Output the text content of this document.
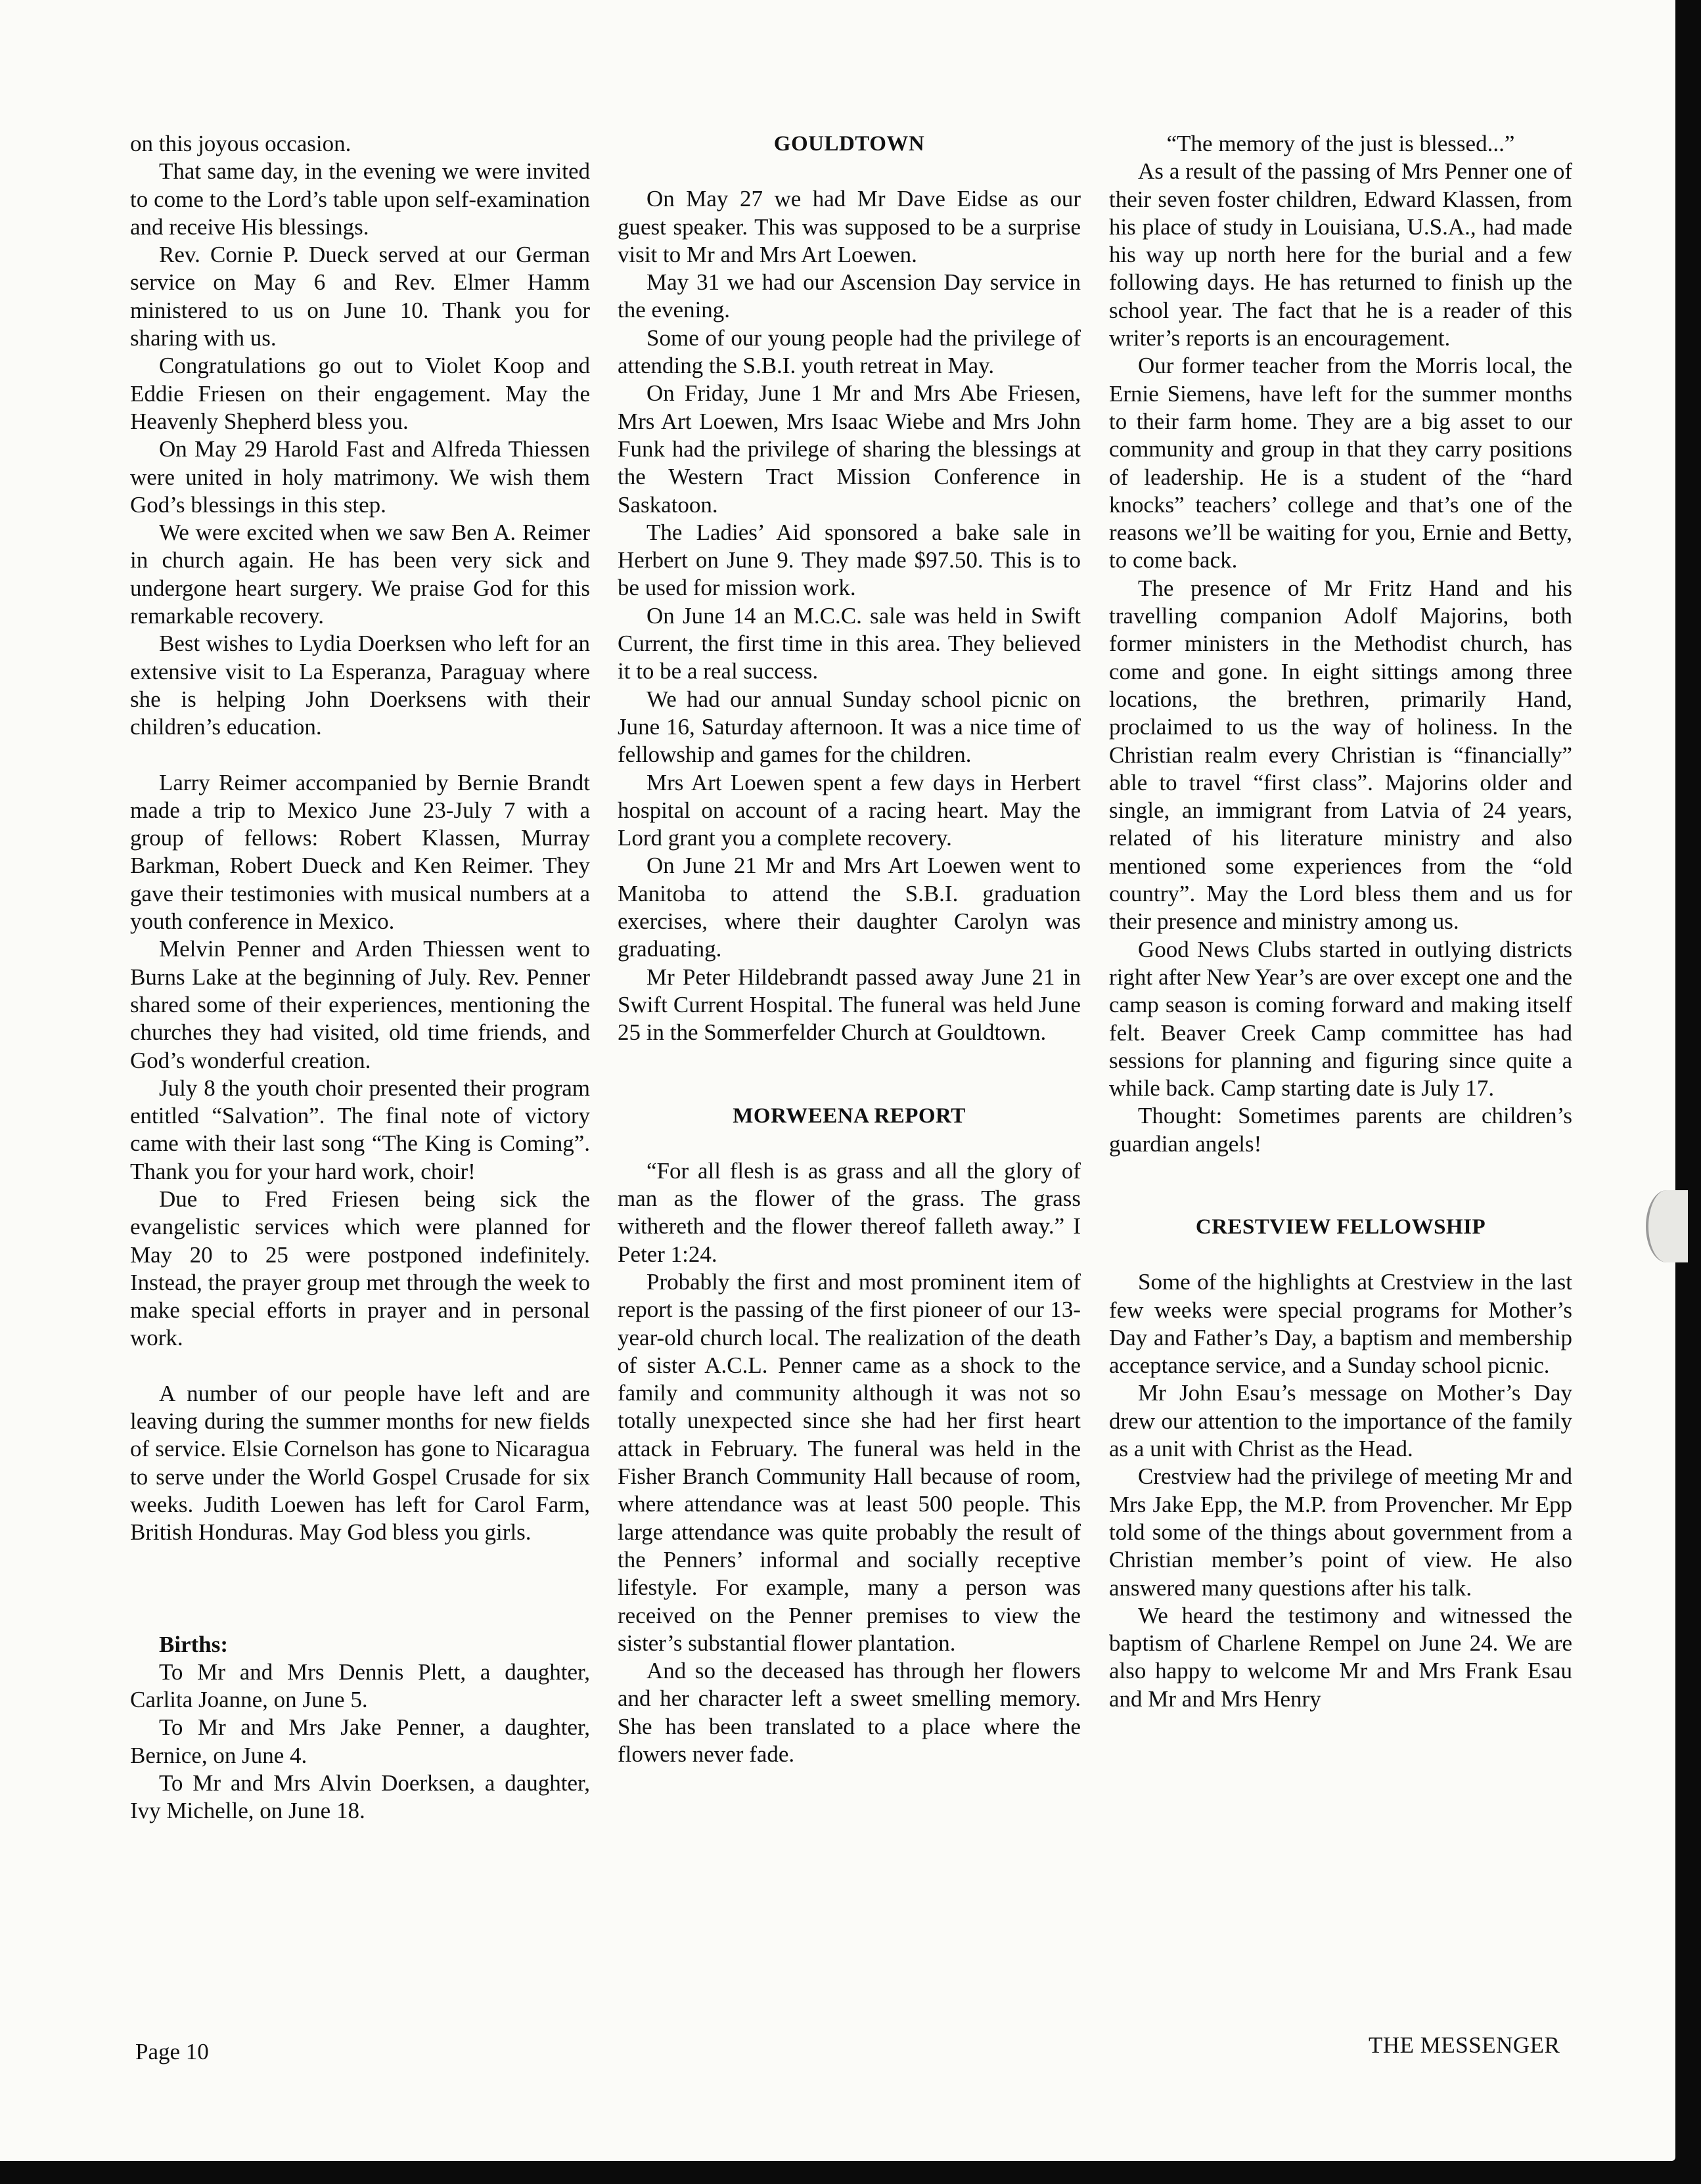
on this joyous occasion.

That same day, in the evening we were invited to come to the Lord’s table upon self-examination and receive His blessings.

Rev. Cornie P. Dueck served at our German service on May 6 and Rev. Elmer Hamm ministered to us on June 10. Thank you for sharing with us.

Congratulations go out to Violet Koop and Eddie Friesen on their engagement. May the Heavenly Shepherd bless you.

On May 29 Harold Fast and Alfreda Thiessen were united in holy matrimony. We wish them God’s blessings in this step.

We were excited when we saw Ben A. Reimer in church again. He has been very sick and undergone heart surgery. We praise God for this remarkable recovery.

Best wishes to Lydia Doerksen who left for an extensive visit to La Esperanza, Paraguay where she is helping John Doerksens with their children’s education.

Larry Reimer accompanied by Bernie Brandt made a trip to Mexico June 23-July 7 with a group of fellows: Robert Klassen, Murray Barkman, Robert Dueck and Ken Reimer. They gave their testimonies with musical numbers at a youth conference in Mexico.

Melvin Penner and Arden Thiessen went to Burns Lake at the beginning of July. Rev. Penner shared some of their experiences, mentioning the churches they had visited, old time friends, and God’s wonderful creation.

July 8 the youth choir presented their program entitled “Salvation”. The final note of victory came with their last song “The King is Coming”. Thank you for your hard work, choir!

Due to Fred Friesen being sick the evangelistic services which were planned for May 20 to 25 were postponed indefinitely. Instead, the prayer group met through the week to make special efforts in prayer and in personal work.

A number of our people have left and are leaving during the summer months for new fields of service. Elsie Cornelson has gone to Nicaragua to serve under the World Gospel Crusade for six weeks. Judith Loewen has left for Carol Farm, British Honduras. May God bless you girls.

Births:

To Mr and Mrs Dennis Plett, a daughter, Carlita Joanne, on June 5.

To Mr and Mrs Jake Penner, a daughter, Bernice, on June 4.

To Mr and Mrs Alvin Doerksen, a daughter, Ivy Michelle, on June 18.

GOULDTOWN

On May 27 we had Mr Dave Eidse as our guest speaker. This was supposed to be a surprise visit to Mr and Mrs Art Loewen.

May 31 we had our Ascension Day service in the evening.

Some of our young people had the privilege of attending the S.B.I. youth retreat in May.

On Friday, June 1 Mr and Mrs Abe Friesen, Mrs Art Loewen, Mrs Isaac Wiebe and Mrs John Funk had the privilege of sharing the blessings at the Western Tract Mission Conference in Saskatoon.

The Ladies’ Aid sponsored a bake sale in Herbert on June 9. They made $97.50. This is to be used for mission work.

On June 14 an M.C.C. sale was held in Swift Current, the first time in this area. They believed it to be a real success.

We had our annual Sunday school picnic on June 16, Saturday afternoon. It was a nice time of fellowship and games for the children.

Mrs Art Loewen spent a few days in Herbert hospital on account of a racing heart. May the Lord grant you a complete recovery.

On June 21 Mr and Mrs Art Loewen went to Manitoba to attend the S.B.I. graduation exercises, where their daughter Carolyn was graduating.

Mr Peter Hildebrandt passed away June 21 in Swift Current Hospital. The funeral was held June 25 in the Sommerfelder Church at Gouldtown.

MORWEENA REPORT

“For all flesh is as grass and all the glory of man as the flower of the grass. The grass withereth and the flower thereof falleth away.” I Peter 1:24.

Probably the first and most prominent item of report is the passing of the first pioneer of our 13-year-old church local. The realization of the death of sister A.C.L. Penner came as a shock to the family and community although it was not so totally unexpected since she had her first heart attack in February. The funeral was held in the Fisher Branch Community Hall because of room, where attendance was at least 500 people. This large attendance was quite probably the result of the Penners’ informal and socially receptive lifestyle. For example, many a person was received on the Penner premises to view the sister’s substantial flower plantation.

And so the deceased has through her flowers and her character left a sweet smelling memory. She has been translated to a place where the flowers never fade.

“The memory of the just is blessed...”

As a result of the passing of Mrs Penner one of their seven foster children, Edward Klassen, from his place of study in Louisiana, U.S.A., had made his way up north here for the burial and a few following days. He has returned to finish up the school year. The fact that he is a reader of this writer’s reports is an encouragement.

Our former teacher from the Morris local, the Ernie Siemens, have left for the summer months to their farm home. They are a big asset to our community and group in that they carry positions of leadership. He is a student of the “hard knocks” teachers’ college and that’s one of the reasons we’ll be waiting for you, Ernie and Betty, to come back.

The presence of Mr Fritz Hand and his travelling companion Adolf Majorins, both former ministers in the Methodist church, has come and gone. In eight sittings among three locations, the brethren, primarily Hand, proclaimed to us the way of holiness. In the Christian realm every Christian is “financially” able to travel “first class”. Majorins older and single, an immigrant from Latvia of 24 years, related of his literature ministry and also mentioned some experiences from the “old country”. May the Lord bless them and us for their presence and ministry among us.

Good News Clubs started in outlying districts right after New Year’s are over except one and the camp season is coming forward and making itself felt. Beaver Creek Camp committee has had sessions for planning and figuring since quite a while back. Camp starting date is July 17.

Thought: Sometimes parents are children’s guardian angels!

CRESTVIEW FELLOWSHIP

Some of the highlights at Crestview in the last few weeks were special programs for Mother’s Day and Father’s Day, a baptism and membership acceptance service, and a Sunday school picnic.

Mr John Esau’s message on Mother’s Day drew our attention to the importance of the family as a unit with Christ as the Head.

Crestview had the privilege of meeting Mr and Mrs Jake Epp, the M.P. from Provencher. Mr Epp told some of the things about government from a Christian member’s point of view. He also answered many questions after his talk.

We heard the testimony and witnessed the baptism of Charlene Rempel on June 24. We are also happy to welcome Mr and Mrs Frank Esau and Mr and Mrs Henry

Page 10	THE MESSENGER
